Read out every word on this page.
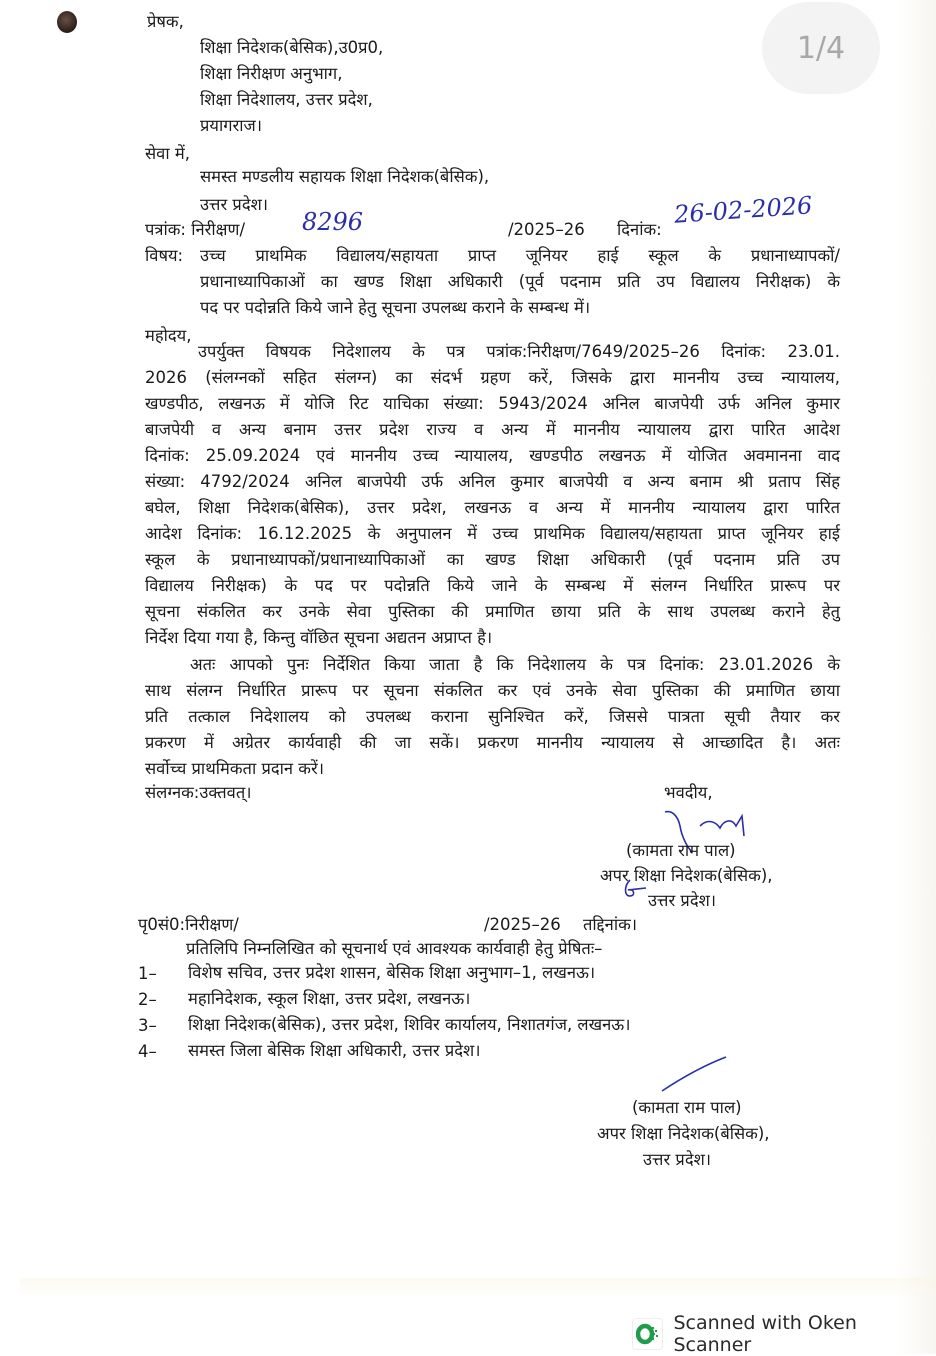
1/4
प्रेषक,
शिक्षा निदेशक(बेसिक),उ0प्र0,
शिक्षा निरीक्षण अनुभाग,
शिक्षा निदेशालय, उत्तर प्रदेश,
प्रयागराज।
सेवा में,
समस्त मण्डलीय सहायक शिक्षा निदेशक(बेसिक),
उत्तर प्रदेश।
पत्रांक: निरीक्षण/ 8296	/2025–26 दिनांक:
26-02-2026
विषय: उच्च प्राथमिक विद्यालय/सहायता प्राप्त जूनियर हाई स्कूल के प्रधानाध्यापकों/
प्रधानाध्यापिकाओं का खण्ड शिक्षा अधिकारी (पूर्व पदनाम प्रति उप विद्यालय निरीक्षक) के
पद पर पदोन्नति किये जाने हेतु सूचना उपलब्ध कराने के सम्बन्ध में।
महोदय,
उपर्युक्त विषयक निदेशालय के पत्र पत्रांक:निरीक्षण/7649/2025–26 दिनांक: 23.01.
2026 (संलग्नकों सहित संलग्न) का संदर्भ ग्रहण करें, जिसके द्वारा माननीय उच्च न्यायालय,
खण्डपीठ, लखनऊ में योजि रिट याचिका संख्या: 5943/2024 अनिल बाजपेयी उर्फ अनिल कुमार
बाजपेयी व अन्य बनाम उत्तर प्रदेश राज्य व अन्य में माननीय न्यायालय द्वारा पारित आदेश
दिनांक: 25.09.2024 एवं माननीय उच्च न्यायालय, खण्डपीठ लखनऊ में योजित अवमानना वाद
संख्या: 4792/2024 अनिल बाजपेयी उर्फ अनिल कुमार बाजपेयी व अन्य बनाम श्री प्रताप सिंह
बघेल, शिक्षा निदेशक(बेसिक), उत्तर प्रदेश, लखनऊ व अन्य में माननीय न्यायालय द्वारा पारित
आदेश दिनांक: 16.12.2025 के अनुपालन में उच्च प्राथमिक विद्यालय/सहायता प्राप्त जूनियर हाई
स्कूल के प्रधानाध्यापकों/प्रधानाध्यापिकाओं का खण्ड शिक्षा अधिकारी (पूर्व पदनाम प्रति उप
विद्यालय निरीक्षक) के पद पर पदोन्नति किये जाने के सम्बन्ध में संलग्न निर्धारित प्रारूप पर
सूचना संकलित कर उनके सेवा पुस्तिका की प्रमाणित छाया प्रति के साथ उपलब्ध कराने हेतु
निर्देश दिया गया है, किन्तु वॉछित सूचना अद्यतन अप्राप्त है।
अतः आपको पुनः निर्देशित किया जाता है कि निदेशालय के पत्र दिनांक: 23.01.2026 के
साथ संलग्न निर्धारित प्रारूप पर सूचना संकलित कर एवं उनके सेवा पुस्तिका की प्रमाणित छाया
प्रति तत्काल निदेशालय को उपलब्ध कराना सुनिश्चित करें, जिससे पात्रता सूची तैयार कर
प्रकरण में अग्रेतर कार्यवाही की जा सकें। प्रकरण माननीय न्यायालय से आच्छादित है। अतः
सर्वोच्च प्राथमिकता प्रदान करें।
संलग्नक:उक्तवत्।	भवदीय,
(कामता राम पाल)
अपर शिक्षा निदेशक(बेसिक),
उत्तर प्रदेश।
पृ0सं0:निरीक्षण/	/2025–26 तद्दिनांक।
प्रतिलिपि निम्नलिखित को सूचनार्थ एवं आवश्यक कार्यवाही हेतु प्रेषितः–
1– विशेष सचिव, उत्तर प्रदेश शासन, बेसिक शिक्षा अनुभाग–1, लखनऊ।
2– महानिदेशक, स्कूल शिक्षा, उत्तर प्रदेश, लखनऊ।
3– शिक्षा निदेशक(बेसिक), उत्तर प्रदेश, शिविर कार्यालय, निशातगंज, लखनऊ।
4– समस्त जिला बेसिक शिक्षा अधिकारी, उत्तर प्रदेश।
(कामता राम पाल)
अपर शिक्षा निदेशक(बेसिक),
उत्तर प्रदेश।
Scanned with Oken Scanner
